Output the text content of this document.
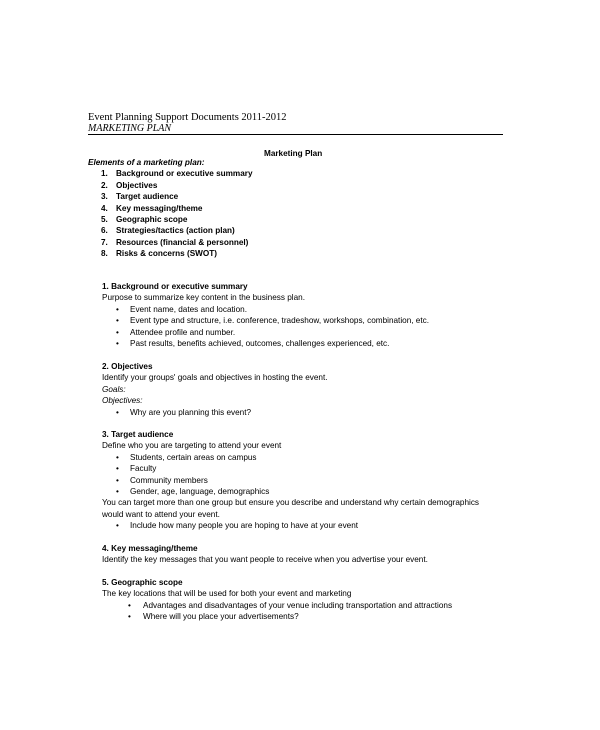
Event Planning Support Documents 2011-2012
MARKETING PLAN
Marketing Plan
Elements of a marketing plan:
1. Background or executive summary
2. Objectives
3. Target audience
4. Key messaging/theme
5. Geographic scope
6. Strategies/tactics (action plan)
7. Resources (financial & personnel)
8. Risks & concerns (SWOT)
1. Background or executive summary
Purpose to summarize key content in the business plan.
• Event name, dates and location.
• Event type and structure, i.e. conference, tradeshow, workshops, combination, etc.
• Attendee profile and number.
• Past results, benefits achieved, outcomes, challenges experienced, etc.
2. Objectives
Identify your groups' goals and objectives in hosting the event.
Goals:
Objectives:
• Why are you planning this event?
3. Target audience
Define who you are targeting to attend your event
• Students, certain areas on campus
• Faculty
• Community members
• Gender, age, language, demographics
You can target more than one group but ensure you describe and understand why certain demographics
would want to attend your event.
• Include how many people you are hoping to have at your event
4. Key messaging/theme
Identify the key messages that you want people to receive when you advertise your event.
5. Geographic scope
The key locations that will be used for both your event and marketing
• Advantages and disadvantages of your venue including transportation and attractions
• Where will you place your advertisements?
